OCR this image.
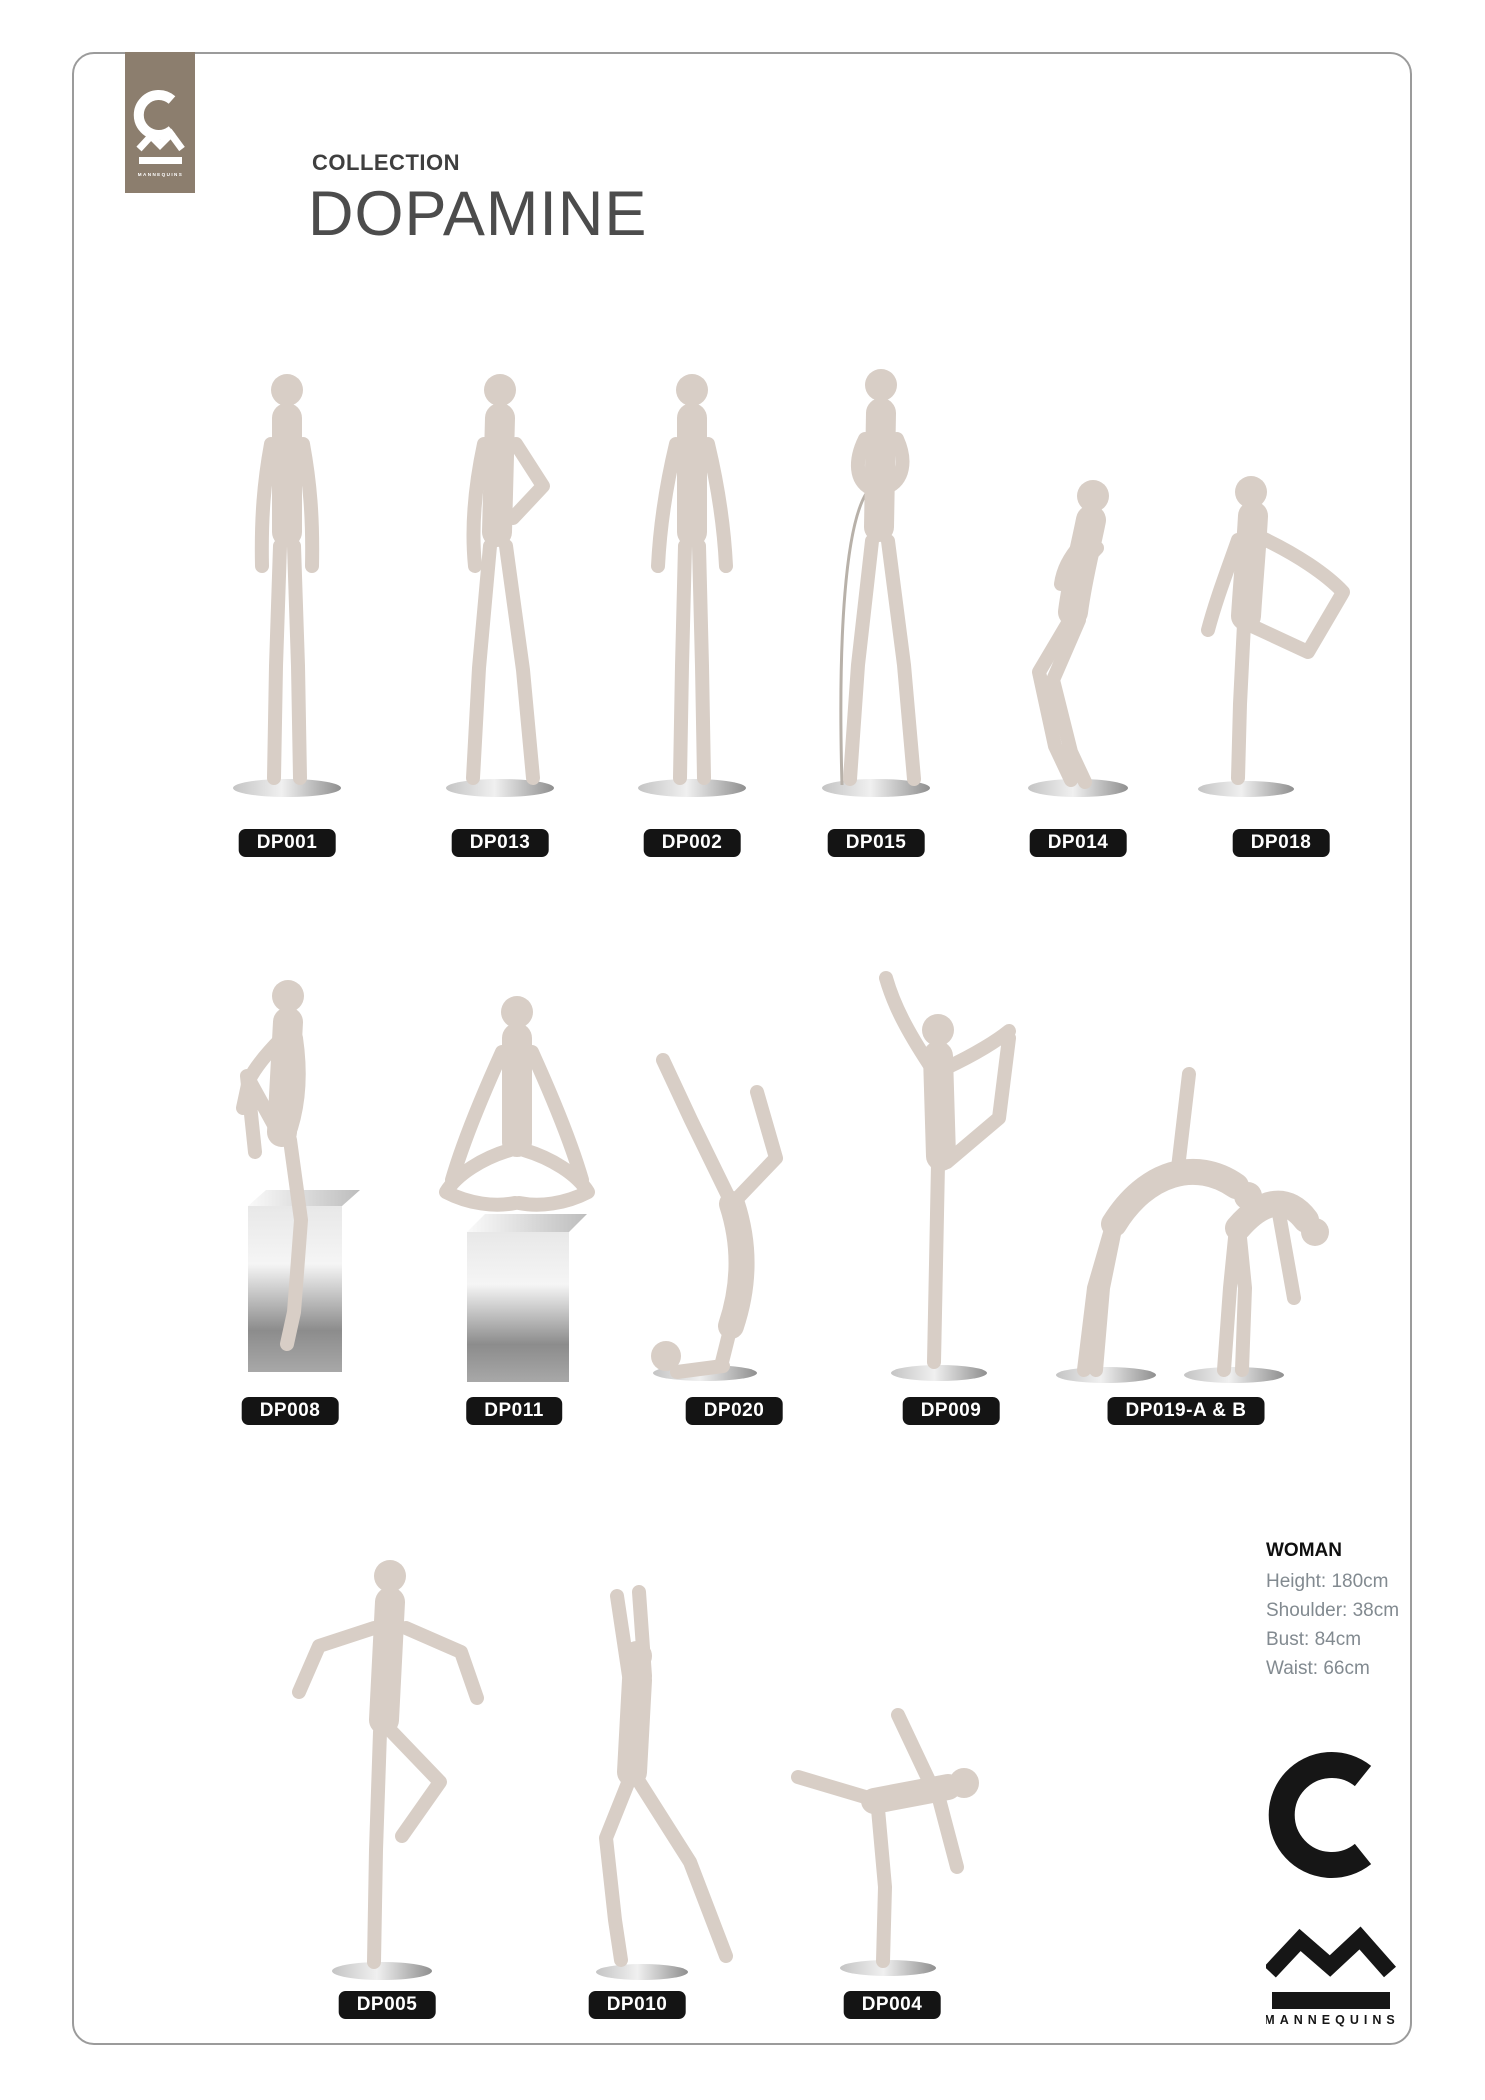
COLLECTION
DOPAMINE
DP001	DP013	DP002	DP015	DP014	DP018
DP008	DP011	DP020	DP009	DP019-A & B
DP005	DP010	DP004

WOMAN

Height: 180cm

Shoulder: 38cm

Bust: 84cm

Waist: 66cm

MANNEQUINS
MANNEQUINS
